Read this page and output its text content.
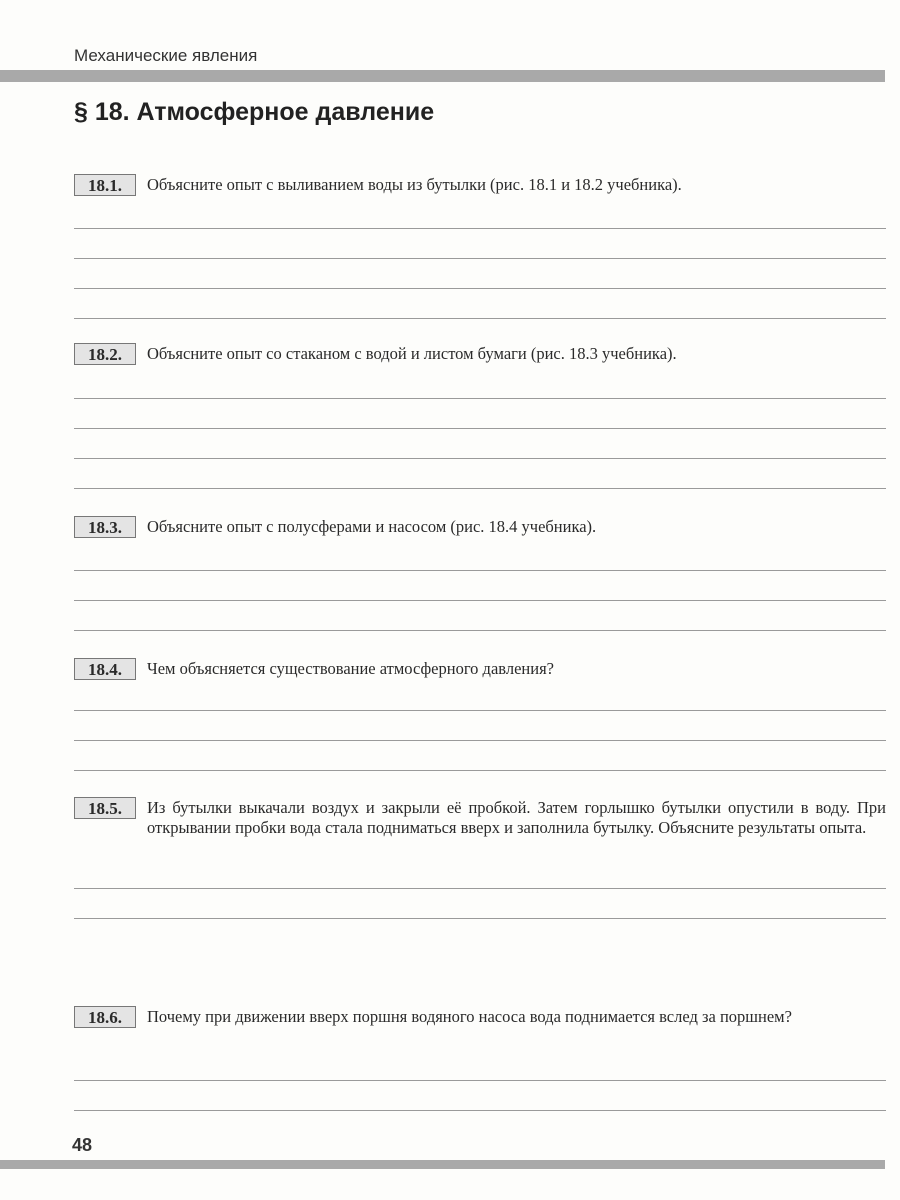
Механические явления
§ 18. Атмосферное давление
18.1.	Объясните опыт с выливанием воды из бутылки (рис. 18.1 и 18.2 учебника).
18.2.	Объясните опыт со стаканом с водой и листом бумаги (рис. 18.3 учебника).
18.3.	Объясните опыт с полусферами и насосом (рис. 18.4 учебника).
18.4.	Чем объясняется существование атмосферного давления?
18.5.	Из бутылки выкачали воздух и закрыли её пробкой. Затем горлышко бутылки опустили в воду. При открывании пробки вода стала подниматься вверх и заполнила бутылку. Объясните результаты опыта.
18.6.	Почему при движении вверх поршня водяного насоса вода поднимается вслед за поршнем?
48
